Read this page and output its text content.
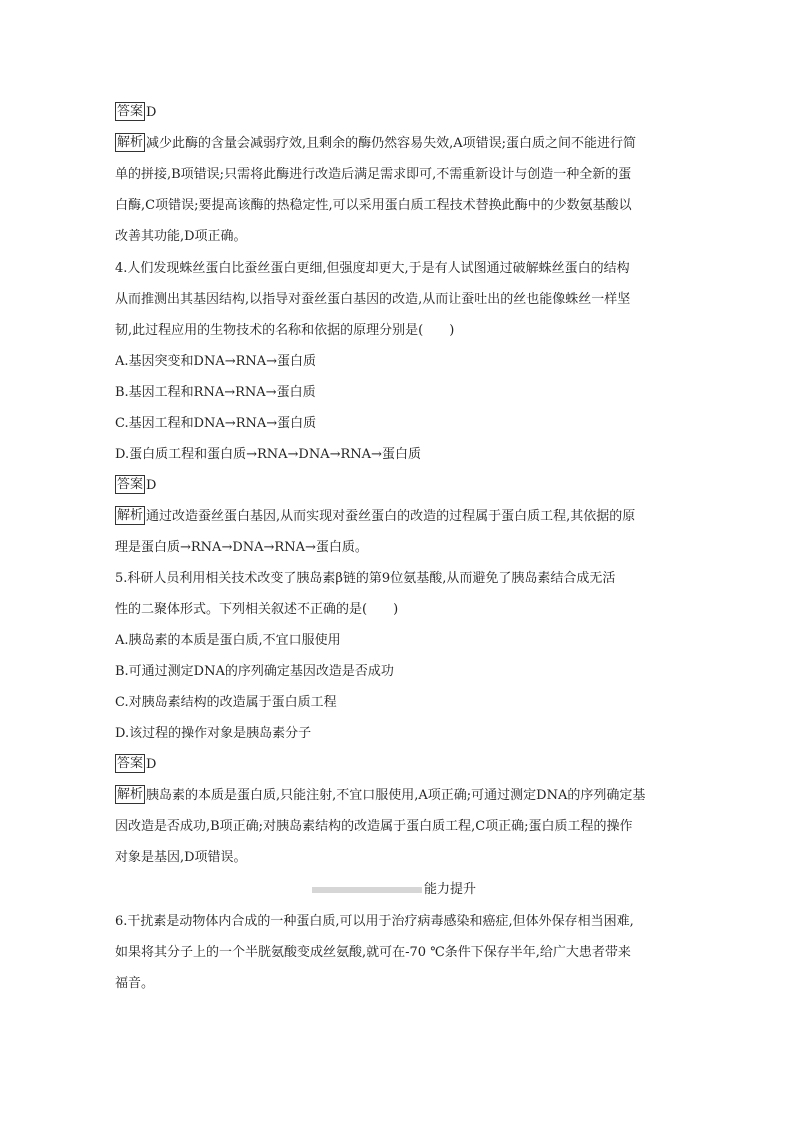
答案 D
解析 减少此酶的含量会减弱疗效,且剩余的酶仍然容易失效,A项错误;蛋白质之间不能进行简
单的拼接,B项错误;只需将此酶进行改造后满足需求即可,不需重新设计与创造一种全新的蛋
白酶,C项错误;要提高该酶的热稳定性,可以采用蛋白质工程技术替换此酶中的少数氨基酸以
改善其功能,D项正确。
4.人们发现蛛丝蛋白比蚕丝蛋白更细,但强度却更大,于是有人试图通过破解蛛丝蛋白的结构
从而推测出其基因结构,以指导对蚕丝蛋白基因的改造,从而让蚕吐出的丝也能像蛛丝一样坚
韧,此过程应用的生物技术的名称和依据的原理分别是(　　)
A.基因突变和DNA→RNA→蛋白质
B.基因工程和RNA→RNA→蛋白质
C.基因工程和DNA→RNA→蛋白质
D.蛋白质工程和蛋白质→RNA→DNA→RNA→蛋白质
答案 D
解析 通过改造蚕丝蛋白基因,从而实现对蚕丝蛋白的改造的过程属于蛋白质工程,其依据的原
理是蛋白质→RNA→DNA→RNA→蛋白质。
5.科研人员利用相关技术改变了胰岛素β链的第9位氨基酸,从而避免了胰岛素结合成无活
性的二聚体形式。下列相关叙述不正确的是(　　)
A.胰岛素的本质是蛋白质,不宜口服使用
B.可通过测定DNA的序列确定基因改造是否成功
C.对胰岛素结构的改造属于蛋白质工程
D.该过程的操作对象是胰岛素分子
答案 D
解析 胰岛素的本质是蛋白质,只能注射,不宜口服使用,A项正确;可通过测定DNA的序列确定基
因改造是否成功,B项正确;对胰岛素结构的改造属于蛋白质工程,C项正确;蛋白质工程的操作
对象是基因,D项错误。
能力提升
6.干扰素是动物体内合成的一种蛋白质,可以用于治疗病毒感染和癌症,但体外保存相当困难,
如果将其分子上的一个半胱氨酸变成丝氨酸,就可在-70 ℃条件下保存半年,给广大患者带来
福音。
